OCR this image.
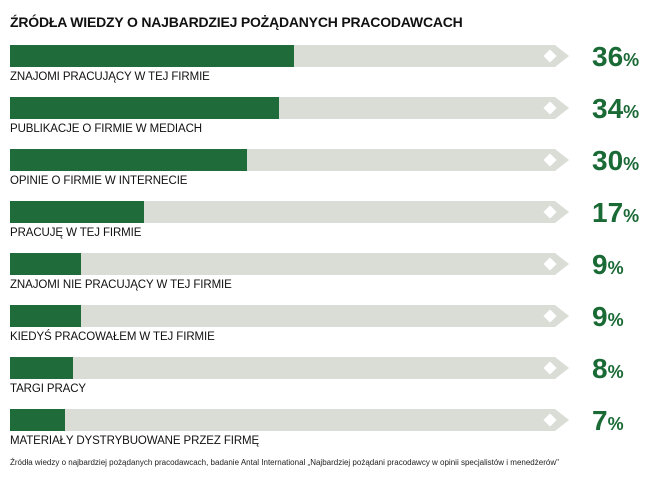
ŹRÓDŁA WIEDZY O NAJBARDZIEJ POŻĄDANYCH PRACODAWCACH
ZNAJOMI PRACUJĄCY W TEJ FIRMIE
36%
PUBLIKACJE O FIRMIE W MEDIACH
34%
OPINIE O FIRMIE W INTERNECIE
30%
PRACUJĘ W TEJ FIRMIE
17%
ZNAJOMI NIE PRACUJĄCY W TEJ FIRMIE
9%
KIEDYŚ PRACOWAŁEM W TEJ FIRMIE
9%
TARGI PRACY
8%
MATERIAŁY DYSTRYBUOWANE PRZEZ FIRMĘ
7%
Źródła wiedzy o najbardziej pożądanych pracodawcach, badanie Antal International „Najbardziej pożądani pracodawcy w opinii specjalistów i menedżerów"
